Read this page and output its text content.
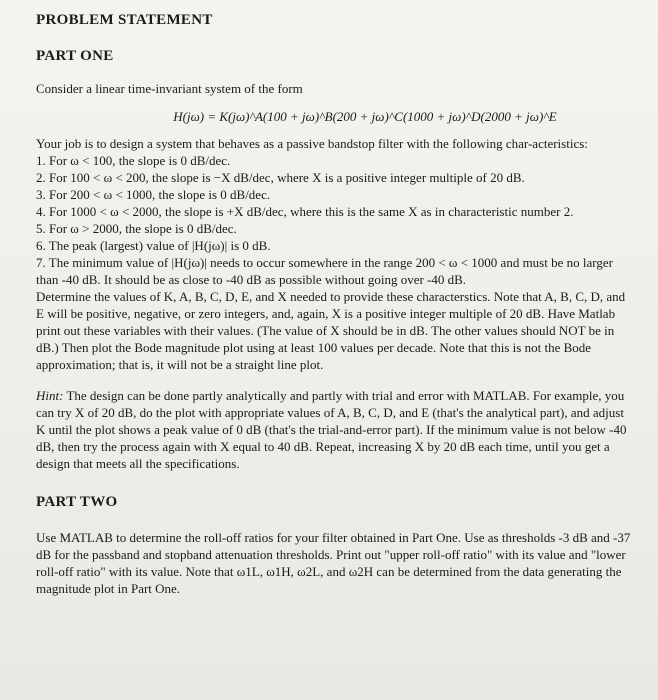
PROBLEM STATEMENT
PART ONE

Consider a linear time-invariant system of the form

H(jω) = K(jω)^A(100 + jω)^B(200 + jω)^C(1000 + jω)^D(2000 + jω)^E

Your job is to design a system that behaves as a passive bandstop filter with the following char-acteristics:

1. For ω < 100, the slope is 0 dB/dec.
2. For 100 < ω < 200, the slope is −X dB/dec, where X is a positive integer multiple of 20 dB.
3. For 200 < ω < 1000, the slope is 0 dB/dec.
4. For 1000 < ω < 2000, the slope is +X dB/dec, where this is the same X as in characteristic number 2.
5. For ω > 2000, the slope is 0 dB/dec.
6. The peak (largest) value of |H(jω)| is 0 dB.
7. The minimum value of |H(jω)| needs to occur somewhere in the range 200 < ω < 1000 and must be no larger than -40 dB. It should be as close to -40 dB as possible without going over -40 dB.

Determine the values of K, A, B, C, D, E, and X needed to provide these characterstics. Note that A, B, C, D, and E will be positive, negative, or zero integers, and, again, X is a positive integer multiple of 20 dB. Have Matlab print out these variables with their values. (The value of X should be in dB. The other values should NOT be in dB.) Then plot the Bode magnitude plot using at least 100 values per decade. Note that this is not the Bode approximation; that is, it will not be a straight line plot.

Hint: The design can be done partly analytically and partly with trial and error with MATLAB. For example, you can try X of 20 dB, do the plot with appropriate values of A, B, C, D, and E (that's the analytical part), and adjust K until the plot shows a peak value of 0 dB (that's the trial-and-error part). If the minimum value is not below -40 dB, then try the process again with X equal to 40 dB. Repeat, increasing X by 20 dB each time, until you get a design that meets all the specifications.

PART TWO

Use MATLAB to determine the roll-off ratios for your filter obtained in Part One. Use as thresholds -3 dB and -37 dB for the passband and stopband attenuation thresholds. Print out "upper roll-off ratio" with its value and "lower roll-off ratio" with its value. Note that ω1L, ω1H, ω2L, and ω2H can be determined from the data generating the magnitude plot in Part One.
